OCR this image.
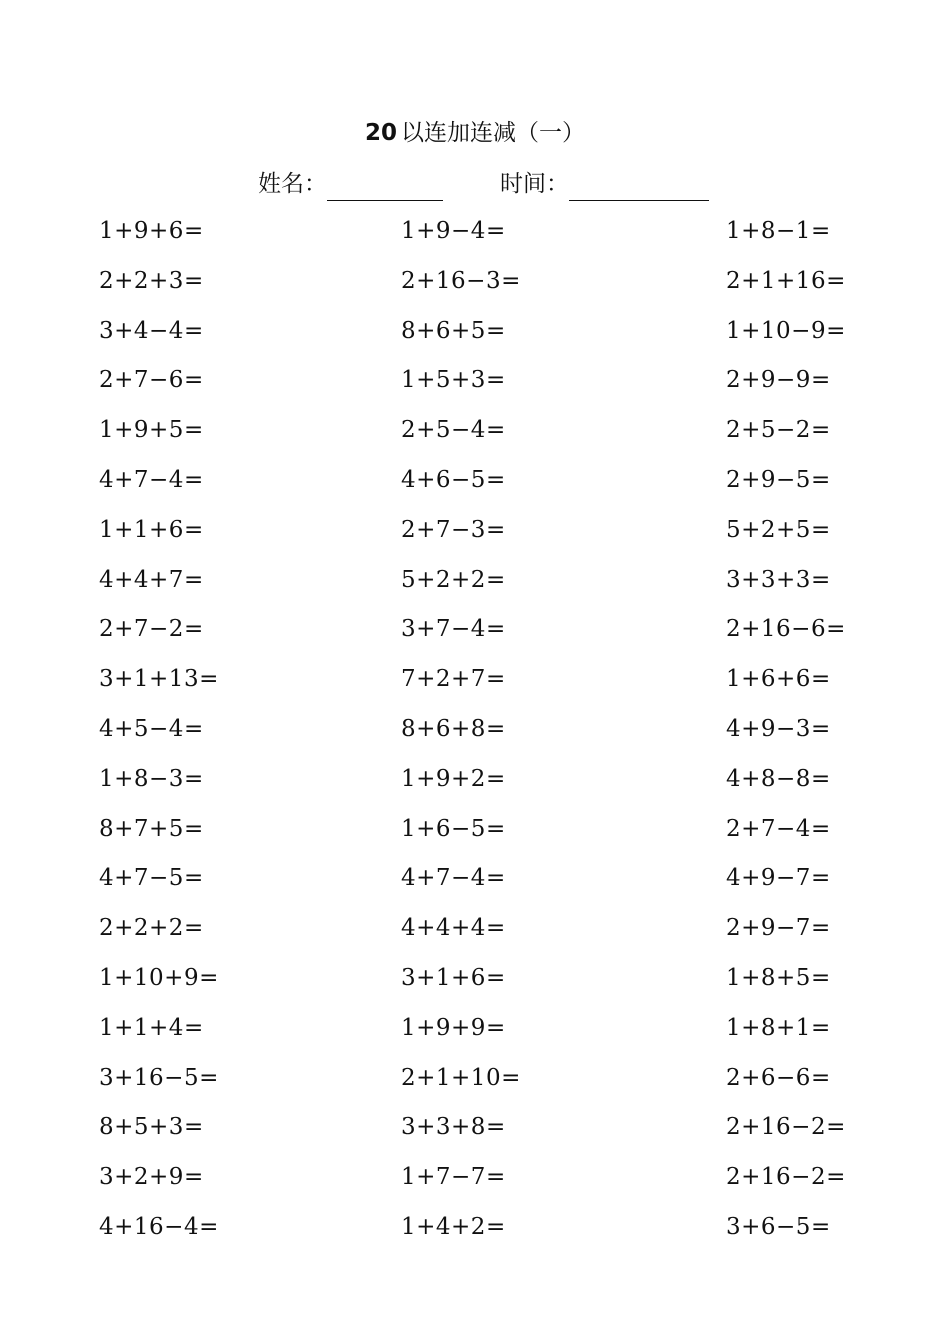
20 以连加连减（一）
姓名：	时间：
1+9+6=
2+2+3=
3+4−4=
2+7−6=
1+9+5=
4+7−4=
1+1+6=
4+4+7=
2+7−2=
3+1+13=
4+5−4=
1+8−3=
8+7+5=
4+7−5=
2+2+2=
1+10+9=
1+1+4=
3+16−5=
8+5+3=
3+2+9=
4+16−4=
1+9−4=
2+16−3=
8+6+5=
1+5+3=
2+5−4=
4+6−5=
2+7−3=
5+2+2=
3+7−4=
7+2+7=
8+6+8=
1+9+2=
1+6−5=
4+7−4=
4+4+4=
3+1+6=
1+9+9=
2+1+10=
3+3+8=
1+7−7=
1+4+2=
1+8−1=
2+1+16=
1+10−9=
2+9−9=
2+5−2=
2+9−5=
5+2+5=
3+3+3=
2+16−6=
1+6+6=
4+9−3=
4+8−8=
2+7−4=
4+9−7=
2+9−7=
1+8+5=
1+8+1=
2+6−6=
2+16−2=
2+16−2=
3+6−5=
